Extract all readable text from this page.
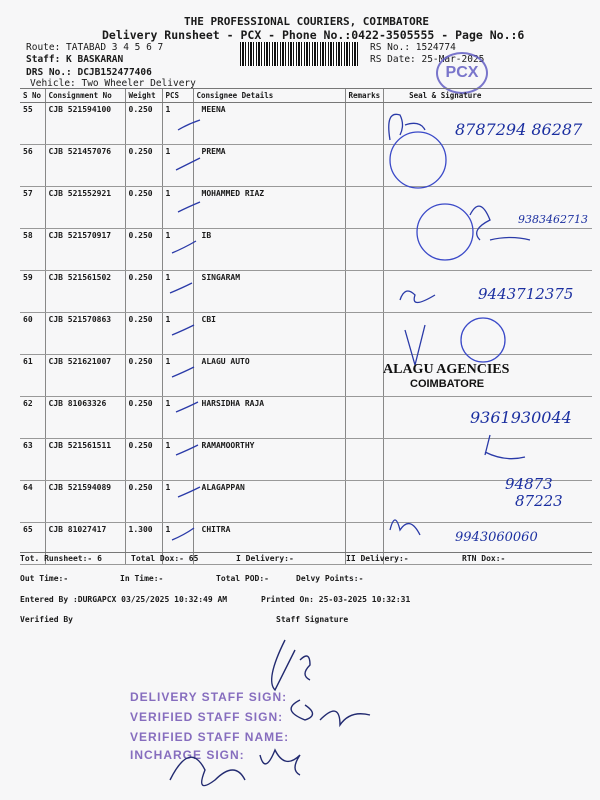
THE PROFESSIONAL COURIERS, COIMBATORE
Delivery Runsheet - PCX - Phone No.:0422-3505555 - Page No.:6
Route: TATABAD 3 4 5 6 7
Staff: K BASKARAN
DRS No.: DCJB152477406
Vehicle: Two Wheeler Delivery
RS No.: 1524774
RS Date: 25-Mar-2025
PCX
S No	Consignment No	Weight	PCS	Consignee Details	Remarks	Seal & Signature
55	CJB 521594100	0.250	1	MEENA		
56	CJB 521457076	0.250	1	PREMA		
57	CJB 521552921	0.250	1	MOHAMMED RIAZ		
58	CJB 521570917	0.250	1	IB		
59	CJB 521561502	0.250	1	SINGARAM		
60	CJB 521570863	0.250	1	CBI		
61	CJB 521621007	0.250	1	ALAGU AUTO		
62	CJB 81063326	0.250	1	HARSIDHA RAJA		
63	CJB 521561511	0.250	1	RAMAMOORTHY		
64	CJB 521594089	0.250	1	ALAGAPPAN		
65	CJB 81027417	1.300	1	CHITRA		
8787294 86287
9383462713
9443712375
ALAGU AGENCIES
COIMBATORE
9361930044
94873
87223
9943060060
Tot. Runsheet:- 6	Total Dox:- 65	I Delivery:-	II Delivery:-	RTN Dox:-
Out Time:-	In Time:-	Total POD:-	Delvy Points:-
Entered By :DURGAPCX 03/25/2025 10:32:49 AM	Printed On: 25-03-2025 10:32:31
Verified By	Staff Signature
DELIVERY STAFF SIGN:
VERIFIED STAFF SIGN:
VERIFIED STAFF NAME:
INCHARGE SIGN:
